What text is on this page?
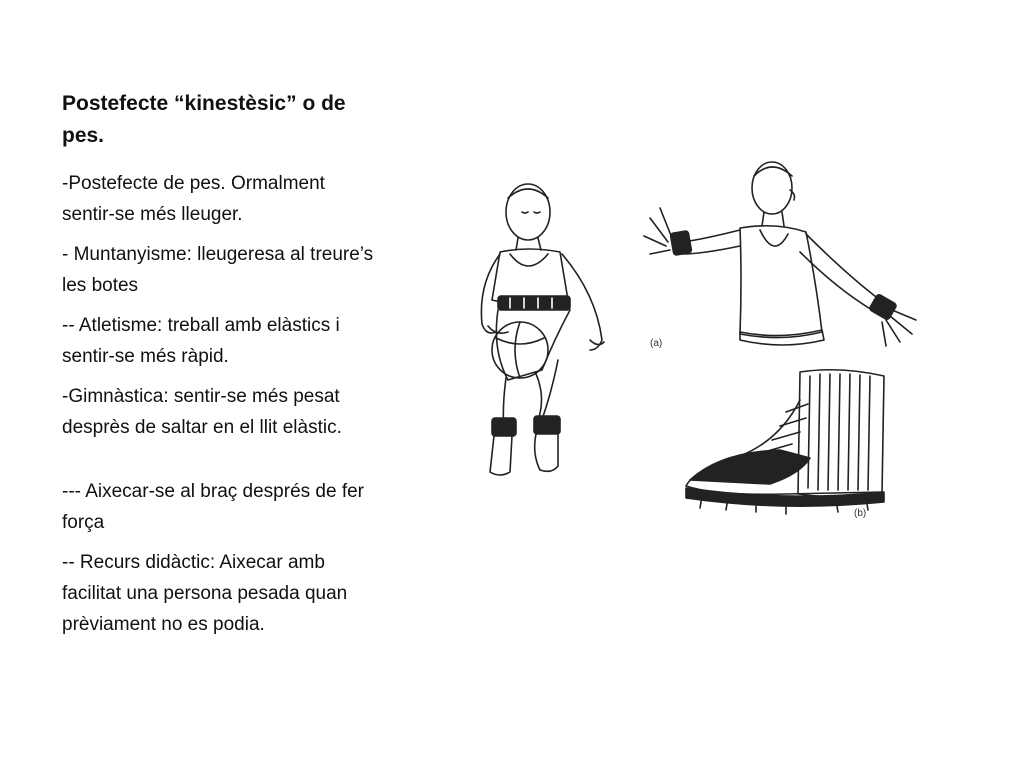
Postefecte “kinestèsic” o de pes.

-Postefecte de pes. Ormalment sentir-se més lleuger.

- Muntanyisme: lleugeresa al treure’s les botes

-- Atletisme: treball amb elàstics i sentir-se més ràpid.

-Gimnàstica: sentir-se més pesat desprès de saltar en el llit elàstic.

--- Aixecar-se al braç després de fer força

-- Recurs didàctic: Aixecar amb facilitat una persona pesada quan prèviament no es podia.

(a)
(b)
